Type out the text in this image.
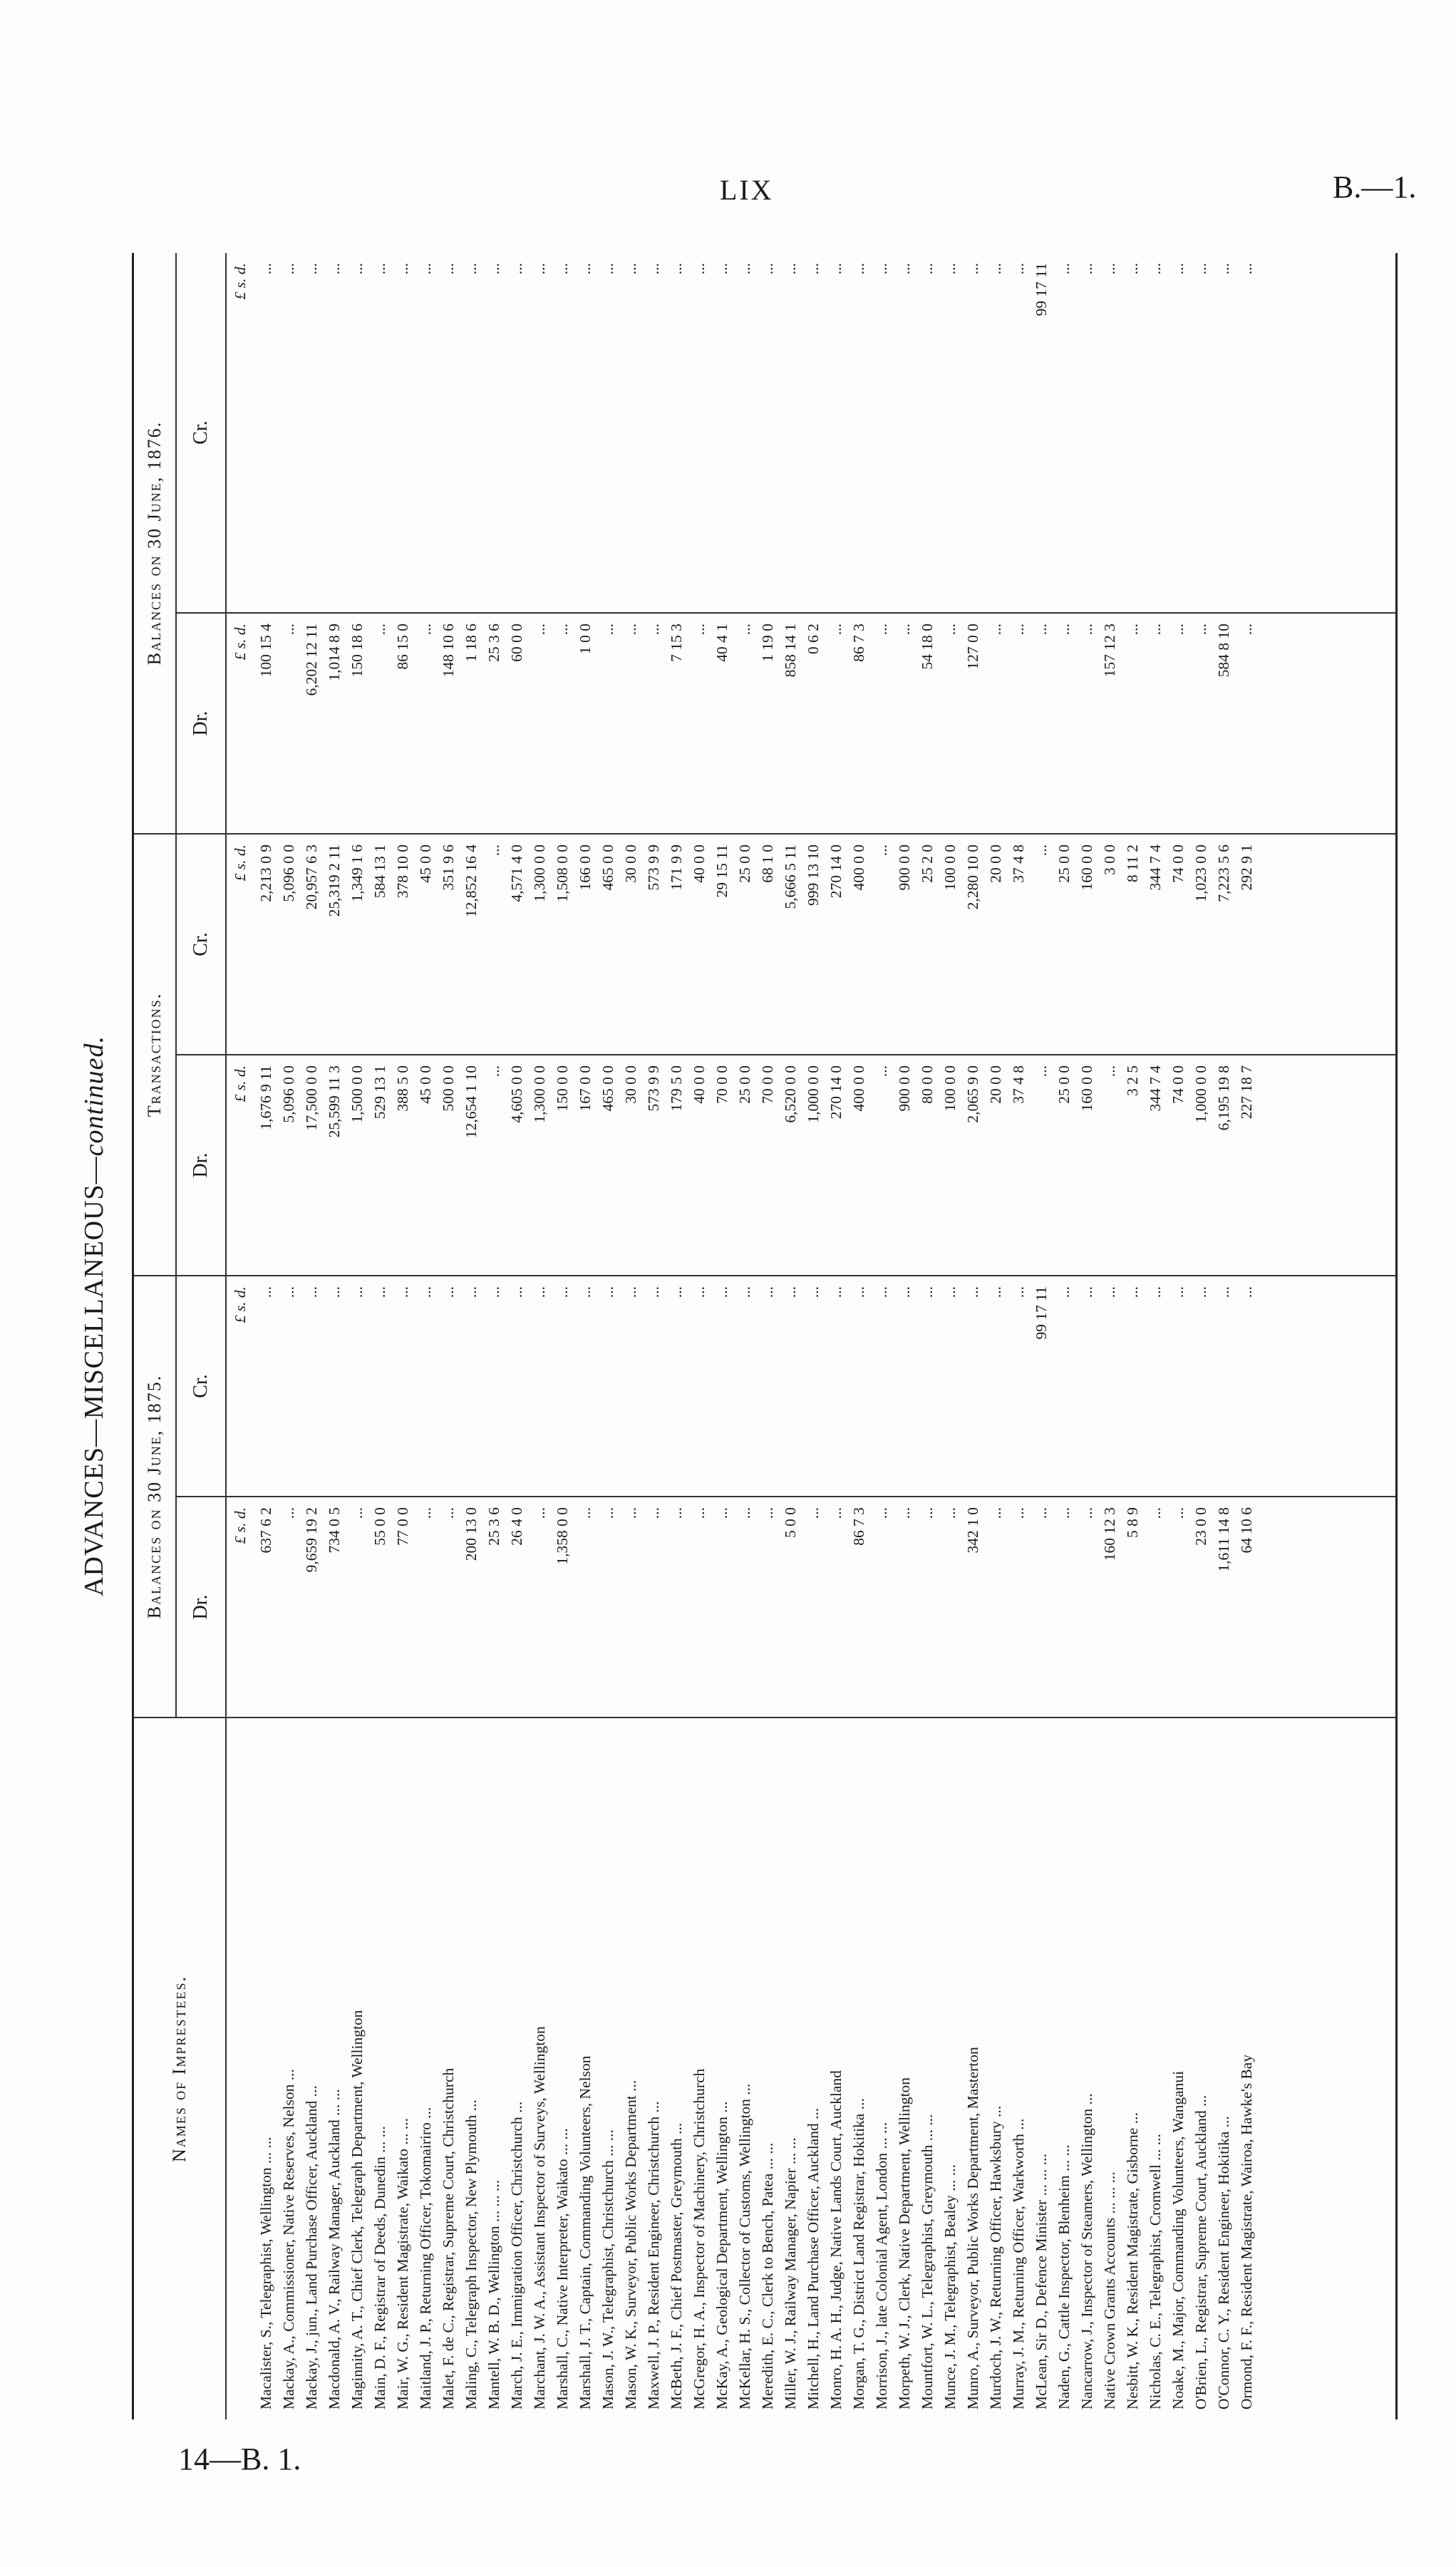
LIX	B.—1.
14—B. 1.
ADVANCES—MISCELLANEOUS—continued.
Names of Imprestees.	Balances on 30 June, 1875.		Transactions.		Balances on 30 June, 1876.	
	Dr.	Cr.	Dr.	Cr.	Dr.	Cr.
	£ s. d.	£ s. d.	£ s. d.	£ s. d.	£ s. d.	£ s. d.
Macalister, S., Telegraphist, Wellington ... ...	637 6 2	...	1,676 9 11	2,213 0 9	100 15 4	...
Mackay, A., Commissioner, Native Reserves, Nelson ...	...	...	5,096 0 0	5,096 0 0	...	...
Mackay, J., jun., Land Purchase Officer, Auckland ...	9,659 19 2	...	17,500 0 0	20,957 6 3	6,202 12 11	...
Macdonald, A. V., Railway Manager, Auckland ... ...	734 0 5	...	25,599 11 3	25,319 2 11	1,014 8 9	...
Maginnity, A. T., Chief Clerk, Telegraph Department, Wellington	...	...	1,500 0 0	1,349 1 6	150 18 6	...
Main, D. F., Registrar of Deeds, Dunedin ... ...	55 0 0	...	529 13 1	584 13 1	...	...
Mair, W. G., Resident Magistrate, Waikato ... ...	77 0 0	...	388 5 0	378 10 0	86 15 0	...
Maitland, J. P., Returning Officer, Tokomairiro ...	...	...	45 0 0	45 0 0	...	...
Malet, F. de C., Registrar, Supreme Court, Christchurch	...	...	500 0 0	351 9 6	148 10 6	...
Maling, C., Telegraph Inspector, New Plymouth ...	200 13 0	...	12,654 1 10	12,852 16 4	1 18 6	...
Mantell, W. B. D., Wellington ... ... ...	25 3 6	...	...	...	25 3 6	...
March, J. E., Immigration Officer, Christchurch ...	26 4 0	...	4,605 0 0	4,571 4 0	60 0 0	...
Marchant, J. W. A., Assistant Inspector of Surveys, Wellington	...	...	1,300 0 0	1,300 0 0	...	...
Marshall, C., Native Interpreter, Waikato ... ...	1,358 0 0	...	150 0 0	1,508 0 0	...	...
Marshall, J. T., Captain, Commanding Volunteers, Nelson	...	...	167 0 0	166 0 0	1 0 0	...
Mason, J. W., Telegraphist, Christchurch ... ...	...	...	465 0 0	465 0 0	...	...
Mason, W. K., Surveyor, Public Works Department ...	...	...	30 0 0	30 0 0	...	...
Maxwell, J. P., Resident Engineer, Christchurch ...	...	...	573 9 9	573 9 9	...	...
McBeth, J. F., Chief Postmaster, Greymouth ...	...	...	179 5 0	171 9 9	7 15 3	...
McGregor, H. A., Inspector of Machinery, Christchurch	...	...	40 0 0	40 0 0	...	...
McKay, A., Geological Department, Wellington ...	...	...	70 0 0	29 15 11	40 4 1	...
McKellar, H. S., Collector of Customs, Wellington ...	...	...	25 0 0	25 0 0	...	...
Meredith, E. C., Clerk to Bench, Patea ... ...	...	...	70 0 0	68 1 0	1 19 0	...
Miller, W. J., Railway Manager, Napier ... ...	5 0 0	...	6,520 0 0	5,666 5 11	858 14 1	...
Mitchell, H., Land Purchase Officer, Auckland ...	...	...	1,000 0 0	999 13 10	0 6 2	...
Monro, H. A. H., Judge, Native Lands Court, Auckland	...	...	270 14 0	270 14 0	...	...
Morgan, T. G., District Land Registrar, Hokitika ...	86 7 3	...	400 0 0	400 0 0	86 7 3	...
Morrison, J., late Colonial Agent, London ... ...	...	...	...	...	...	...
Morpeth, W. J., Clerk, Native Department, Wellington	...	...	900 0 0	900 0 0	...	...
Mountfort, W. L., Telegraphist, Greymouth ... ...	...	...	80 0 0	25 2 0	54 18 0	...
Munce, J. M., Telegraphist, Bealey ... ...	...	...	100 0 0	100 0 0	...	...
Munro, A., Surveyor, Public Works Department, Masterton	342 1 0	...	2,065 9 0	2,280 10 0	127 0 0	...
Murdoch, J. W., Returning Officer, Hawksbury ...	...	...	20 0 0	20 0 0	...	...
Murray, J. M., Returning Officer, Warkworth ...	...	...	37 4 8	37 4 8	...	...
McLean, Sir D., Defence Minister ... ... ...	...	99 17 11	...	...	...	99 17 11
Naden, G., Cattle Inspector, Blenheim ... ...	...	...	25 0 0	25 0 0	...	...
Nancarrow, J., Inspector of Steamers, Wellington ...	...	...	160 0 0	160 0 0	...	...
Native Crown Grants Accounts ... ... ...	160 12 3	...	...	3 0 0	157 12 3	...
Nesbitt, W. K., Resident Magistrate, Gisborne ...	5 8 9	...	3 2 5	8 11 2	...	...
Nicholas, C. E., Telegraphist, Cromwell ... ...	...	...	344 7 4	344 7 4	...	...
Noake, M., Major, Commanding Volunteers, Wanganui	...	...	74 0 0	74 0 0	...	...
O'Brien, L., Registrar, Supreme Court, Auckland ...	23 0 0	...	1,000 0 0	1,023 0 0	...	...
O'Connor, C. Y., Resident Engineer, Hokitika ...	1,611 14 8	...	6,195 19 8	7,223 5 6	584 8 10	...
Ormond, F. F., Resident Magistrate, Wairoa, Hawke's Bay	64 10 6	...	227 18 7	292 9 1	...	...
